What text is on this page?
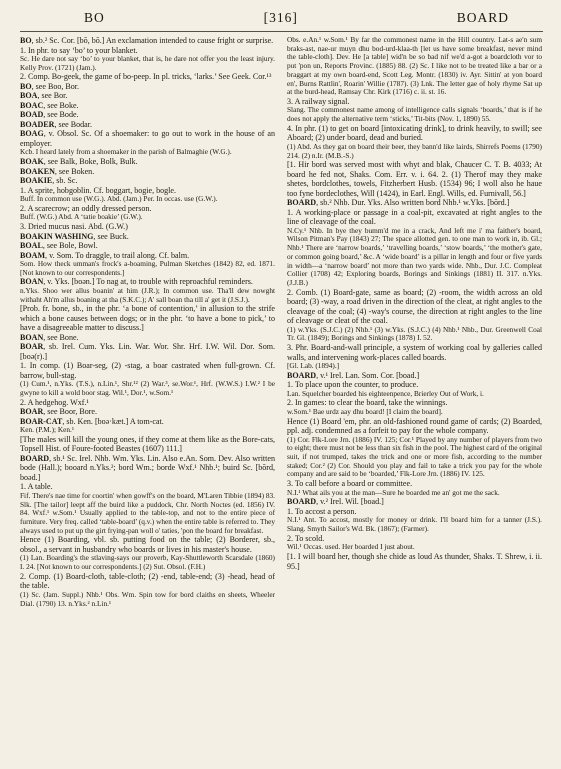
BO	[316]	BOARD

BO, sb.² Sc. Cor. [bō, bō.] An exclamation intended to cause fright or surprise.

1. In phr. to say ‘bo’ to your blanket.

Sc. He dare not say ‘bo’ to your blanket, that is, he dare not offer you the least injury. Kelly Prov. (1721) (Jam.).

2. Comp. Bo-geek, the game of bo-peep. In pl. tricks, ‘larks.’ See Geek. Cor.¹³

BO, see Boo, Bor.

BOA, see Bor.

BOAC, see Boke.

BOAD, see Bode.

BOADER, see Bodar.

BOAG, v. Obsol. Sc. Of a shoemaker: to go out to work in the house of an employer.

Kcb. I heard lately from a shoemaker in the parish of Balmaghie (W.G.).

BOAK, see Balk, Boke, Bolk, Bulk.

BOAKEN, see Boken.

BOAKIE, sb. Sc.

1. A sprite, hobgoblin. Cf. boggart, bogie, bogle.

Buff. In common use (W.G.). Abd. (Jam.) Per. In occas. use (G.W.).

2. A scarecrow; an oddly dressed person.

Buff. (W.G.) Abd. A ‘tatie boakie’ (G.W.).

3. Dried mucus nasi. Abd. (G.W.)

BOAKIN WASHING, see Buck.

BOAL, see Bole, Bowl.

BOAM, v. Som. To draggle, to trail along. Cf. balm.

Som. How theck umman's frock's a-boaming, Pulman Sketches (1842) 82, ed. 1871. [Not known to our correspondents.]

BOAN, v. Yks. [boən.] To nag at, to trouble with reproachful reminders.

n.Yks. Shoo wer allus boanin' at him (J.R.); In common use. Tha'll dew nowght withaht Ah'm allus boaning at tha (S.K.C.); A' sall boan tha till a' get it (J.S.J.).

[Prob. fr. bone, sb., in the phr. ‘a bone of contention,’ in allusion to the strife which a bone causes between dogs; or in the phr. ‘to have a bone to pick,’ to have a disagreeable matter to discuss.]

BOAN, see Bone.

BOAR, sb. Irel. Cum. Yks. Lin. War. Wor. Shr. Hrf. I.W. Wil. Dor. Som. [boə(r).]

1. In comp. (1) Boar-seg, (2) -stag, a boar castrated when full-grown. Cf. barrow, bull-stag.

(1) Cum.¹, n.Yks. (T.S.), n.Lin.¹, Shr.¹² (2) War.³, se.Wor.¹, Hrf. (W.W.S.) I.W.² I be gwyne to kill a wold boor stag. Wil.¹, Dor.¹, w.Som.¹

2. A hedgehog. Wxf.¹

BOAR, see Boor, Bore.

BOAR-CAT, sb. Ken. [boə·kæt.] A tom-cat.

Ken. (P.M.); Ken.¹

[The males will kill the young ones, if they come at them like as the Bore-cats, Topsell Hist. of Foure-footed Beastes (1607) 111.]

BOARD, sb.¹ Sc. Irel. Nhb. Wm. Yks. Lin. Also e.An. Som. Dev. Also written bode (Hall.); booard n.Yks.²; bord Wm.; borde Wxf.¹ Nhb.¹; buird Sc. [bōrd, boəd.]

1. A table.

Fif. There's nae time for coortin' when gowff's on the board, M'Laren Tibbie (1894) 83. Slk. [The tailor] leept aff the buird like a puddock, Chr. North Noctes (ed. 1856) IV. 84. Wxf.¹ w.Som.¹ Usually applied to the table-top, and not to the entire piece of furniture. Very freq. called ‘table-board’ (q.v.) when the entire table is referred to. They always used to put up the girt frying-pan woll o' taties, 'pon the board for breakfast.

Hence (1) Boarding, vbl. sb. putting food on the table; (2) Borderer, sb., obsol., a servant in husbandry who boards or lives in his master's house.

(1) Lan. Boarding's the stlaving-says our proverb, Kay-Shuttleworth Scarsdale (1860) I. 24. [Not known to our correspondents.] (2) Sut. Obsol. (F.H.)

2. Comp. (1) Board-cloth, table-cloth; (2) -end, table-end; (3) -head, head of the table.

(1) Sc. (Jam. Suppl.) Nhb.¹ Obs. Wm. Spin tow for bord claiths en sheets, Wheeler Dial. (1790) 13. n.Yks.² n.Lin.¹

Obs. e.An.¹ w.Som.¹ By far the commonest name in the Hill country. Lat-s ae'n sum braks-ast, nae-ur muyn dhu bod-urd-klaa-th [let us have some breakfast, never mind the table-cloth]. Dev. He [a table] wid'n be so bad nif we'd a-got a boardcloth vor to put 'pon un, Reports Provinc. (1885) 88. (2) Sc. I like not to be treated like a bar or a braggart at my own board-end, Scott Leg. Montr. (1830) iv. Ayr. Sittin' at yon board en', Burns Rattlin', Roarin' Willie (1787). (3) Lnk. The letter gae of holy rhyme Sat up at the burd-head, Ramsay Chr. Kirk (1716) c. ii. st. 16.

3. A railway signal.

Slang. The commonest name among of intelligence calls signals ‘boards,’ that is if he does not apply the alternative term ‘sticks,’ Tit-bits (Nov. 1, 1890) 55.

4. In phr. (1) to get on board [intoxicating drink], to drink heavily, to swill; see Aboard; (2) under board, dead and buried.

(1) Abd. As they gat on board their beer, they bann'd like lairds, Shirrefs Poems (1790) 214. (2) n.Ir. (M.B.-S.)

[1. Hir bord was served most with whyt and blak, Chaucer C. T. B. 4033; At board he fed not, Shaks. Com. Err. v. i. 64. 2. (1) Therof may they make shetes, bordclothes, towels, Fitzherbert Husb. (1534) 96; I woll also he haue too fyne bordeclothes, Will (1424), in Earl. Engl. Wills, ed. Furnivall, 56.]

BOARD, sb.² Nhb. Dur. Yks. Also written bord Nhb.¹ w.Yks. [bōrd.]

1. A working-place or passage in a coal-pit, excavated at right angles to the line of cleavage of the coal.

N.Cy.¹ Nhb. In bye they bumm'd me in a crack, And left me i' ma faither's board, Wilson Pitman's Pay (1843) 27; The space allotted gen. to one man to work in, ib. Gl.; Nhb.¹ There are ‘narrow boards,’ ‘travelling boards,’ ‘stow boards,’ ‘the mother's gate, or common going board,’ &c. A ‘wide board’ is a pillar in length and four or five yards in width—a ‘narrow board’ not more than two yards wide. Nhb., Dur. J.C. Compleat Collier (1708) 42; Exploring boards, Borings and Sinkings (1881) II. 317. n.Yks. (J.J.B.)

2. Comb. (1) Board-gate, same as board; (2) -room, the width across an old board; (3) -way, a road driven in the direction of the cleat, at right angles to the cleavage of the coal; (4) -way's course, the direction at right angles to the line of cleavage or cleat of the coal.

(1) w.Yks. (S.J.C.) (2) Nhb.¹ (3) w.Yks. (S.J.C.) (4) Nhb.¹ Nhb., Dur. Greenwell Coal Tr. Gl. (1849); Borings and Sinkings (1878) I. 52.

3. Phr. Board-and-wall principle, a system of working coal by galleries called walls, and intervening work-places called boards.

[Gl. Lab. (1894).]

BOARD, v.¹ Irel. Lan. Som. Cor. [boad.]

1. To place upon the counter, to produce.

Lan. Squelcher boarded his eighteenpence, Brierley Out of Work, i.

2. In games: to clear the board, take the winnings.

w.Som.¹ Bae urdz aay dhu board! [I claim the board].

Hence (1) Board 'em, phr. an old-fashioned round game of cards; (2) Boarded, ppl. adj. condemned as a forfeit to pay for the whole company.

(1) Cor. Flk-Lore Jrn. (1886) IV. 125; Cor.¹ Played by any number of players from two to eight; there must not be less than six fish in the pool. The highest card of the original suit, if not trumped, takes the trick and one or more fish, according to the number staked; Cor.² (2) Cor. Should you play and fail to take a trick you pay for the whole company and are said to be ‘boarded,’ Flk-Lore Jrn. (1886) IV. 125.

3. To call before a board or committee.

N.I.¹ What ails you at the man—Sure he boarded me an' got me the sack.

BOARD, v.² Irel. Wil. [boad.]

1. To accost a person.

N.I.¹ Ant. To accost, mostly for money or drink. I'll board him for a tanner (J.S.). Slang. Smyth Sailor's Wd. Bk. (1867); (Farmer).

2. To scold.

Wil.¹ Occas. used. Her boarded I just about.

[1. I will board her, though she chide as loud As thunder, Shaks. T. Shrew, i. ii. 95.]
